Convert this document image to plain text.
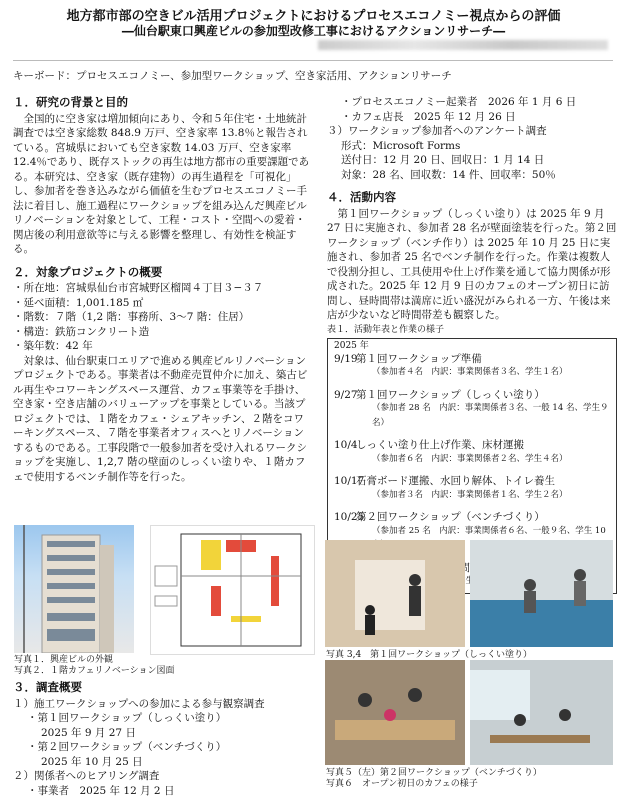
地方都市部の空きビル活用プロジェクトにおけるプロセスエコノミー視点からの評価
―仙台駅東口興産ビルの参加型改修工事におけるアクションリサーチ―
キーボード：プロセスエコノミー、参加型ワークショップ、空き家活用、アクションリサーチ
１．研究の背景と目的

全国的に空き家は増加傾向にあり、令和５年住宅・土地統計調査では空き家総数 848.9 万戸、空き家率 13.8％と報告されている。宮城県においても空き家数 14.03 万戸、空き家率 12.4％であり、既存ストックの再生は地方都市の重要課題である。本研究は、空き家（既存建物）の再生過程を「可視化」し、参加者を巻き込みながら価値を生むプロセスエコノミー手法に着目し、施工過程にワークショップを組み込んだ興産ビルリノベーションを対象として、工程・コスト・空間への愛着・関店後の利用意欲等に与える影響を整理し、有効性を検証する。

２．対象プロジェクトの概要
・所在地：宮城県仙台市宮城野区榴岡４丁目３−３７
・延べ面積：1,001.185 ㎡
・階数：７階（1,2 階：事務所、3〜7 階：住居）
・構造：鉄筋コンクリート造
・築年数：42 年

対象は、仙台駅東口エリアで進める興産ビルリノベーションプロジェクトである。事業者は不動産売買仲介に加え、築古ビル再生やコワーキングスペース運営、カフェ事業等を手掛け、空き家・空き店舗のバリューアップを事業としている。当該プロジェクトでは、１階をカフェ・シェアキッチン、２階をコワーキングスペース、７階を事業者オフィスへとリノベーションするものである。工事段階で一般参加者を受け入れるワークショップを実施し、1,2,7 階の壁面のしっくい塗りや、１階カフェで使用するベンチ制作等を行った。

写真１．興産ビルの外観
写真２．１階カフェリノベーション図面
３．調査概要
１）施工ワークショップへの参加による参与観察調査
・第１回ワークショップ（しっくい塗り）
2025 年 9 月 27 日
・第２回ワークショップ（ベンチづくり）
2025 年 10 月 25 日
２）関係者へのヒアリング調査
・事業者　2025 年 12 月 2 日
・プロセスエコノミー起業者　2026 年 1 月 6 日
・カフェ店長　2025 年 12 月 26 日
３）ワークショップ参加者へのアンケート調査
形式：Microsoft Forms
送付日：12 月 20 日、回収日：1 月 14 日
対象：28 名、回収数：14 件、回収率：50％
４．活動内容

第１回ワークショップ（しっくい塗り）は 2025 年 9 月 27 日に実施され、参加者 28 名が壁面塗装を行った。第２回ワークショップ（ベンチ作り）は 2025 年 10 月 25 日に実施され、参加者 25 名でベンチ制作を行った。作業は複数人で役割分担し、工具使用や仕上げ作業を通して協力関係が形成された。2025 年 12 月 9 日のカフェのオープン初日に訪問し、昼時間帯は満席に近い盛況がみられる一方、午後は来店が少ないなど時間帯差も観察した。

表１．活動年表と作業の様子
2025 年
9/19第１回ワークショップ準備
（参加者４名　内訳：事業関係者３名、学生１名）
9/27第１回ワークショップ（しっくい塗り）
（参加者 28 名　内訳：事業関係者３名、一般 14 名、学生９名）
10/4しっくい塗り仕上げ作業、床材運搬
（参加者６名　内訳：事業関係者２名、学生４名）
10/17石膏ボード運搬、水回り解体、トイレ養生
（参加者３名　内訳：事業関係者１名、学生２名）
10/25第２回ワークショップ（ベンチづくり）
（参加者 25 名　内訳：事業関係者６名、一般９名、学生 10
　内訳：学生３名）
写真 3,4　第１回ワークショップ（しっくい塗り）
写真５（左）第２回ワークショップ（ベンチづくり）
写真６　オープン初日のカフェの様子
